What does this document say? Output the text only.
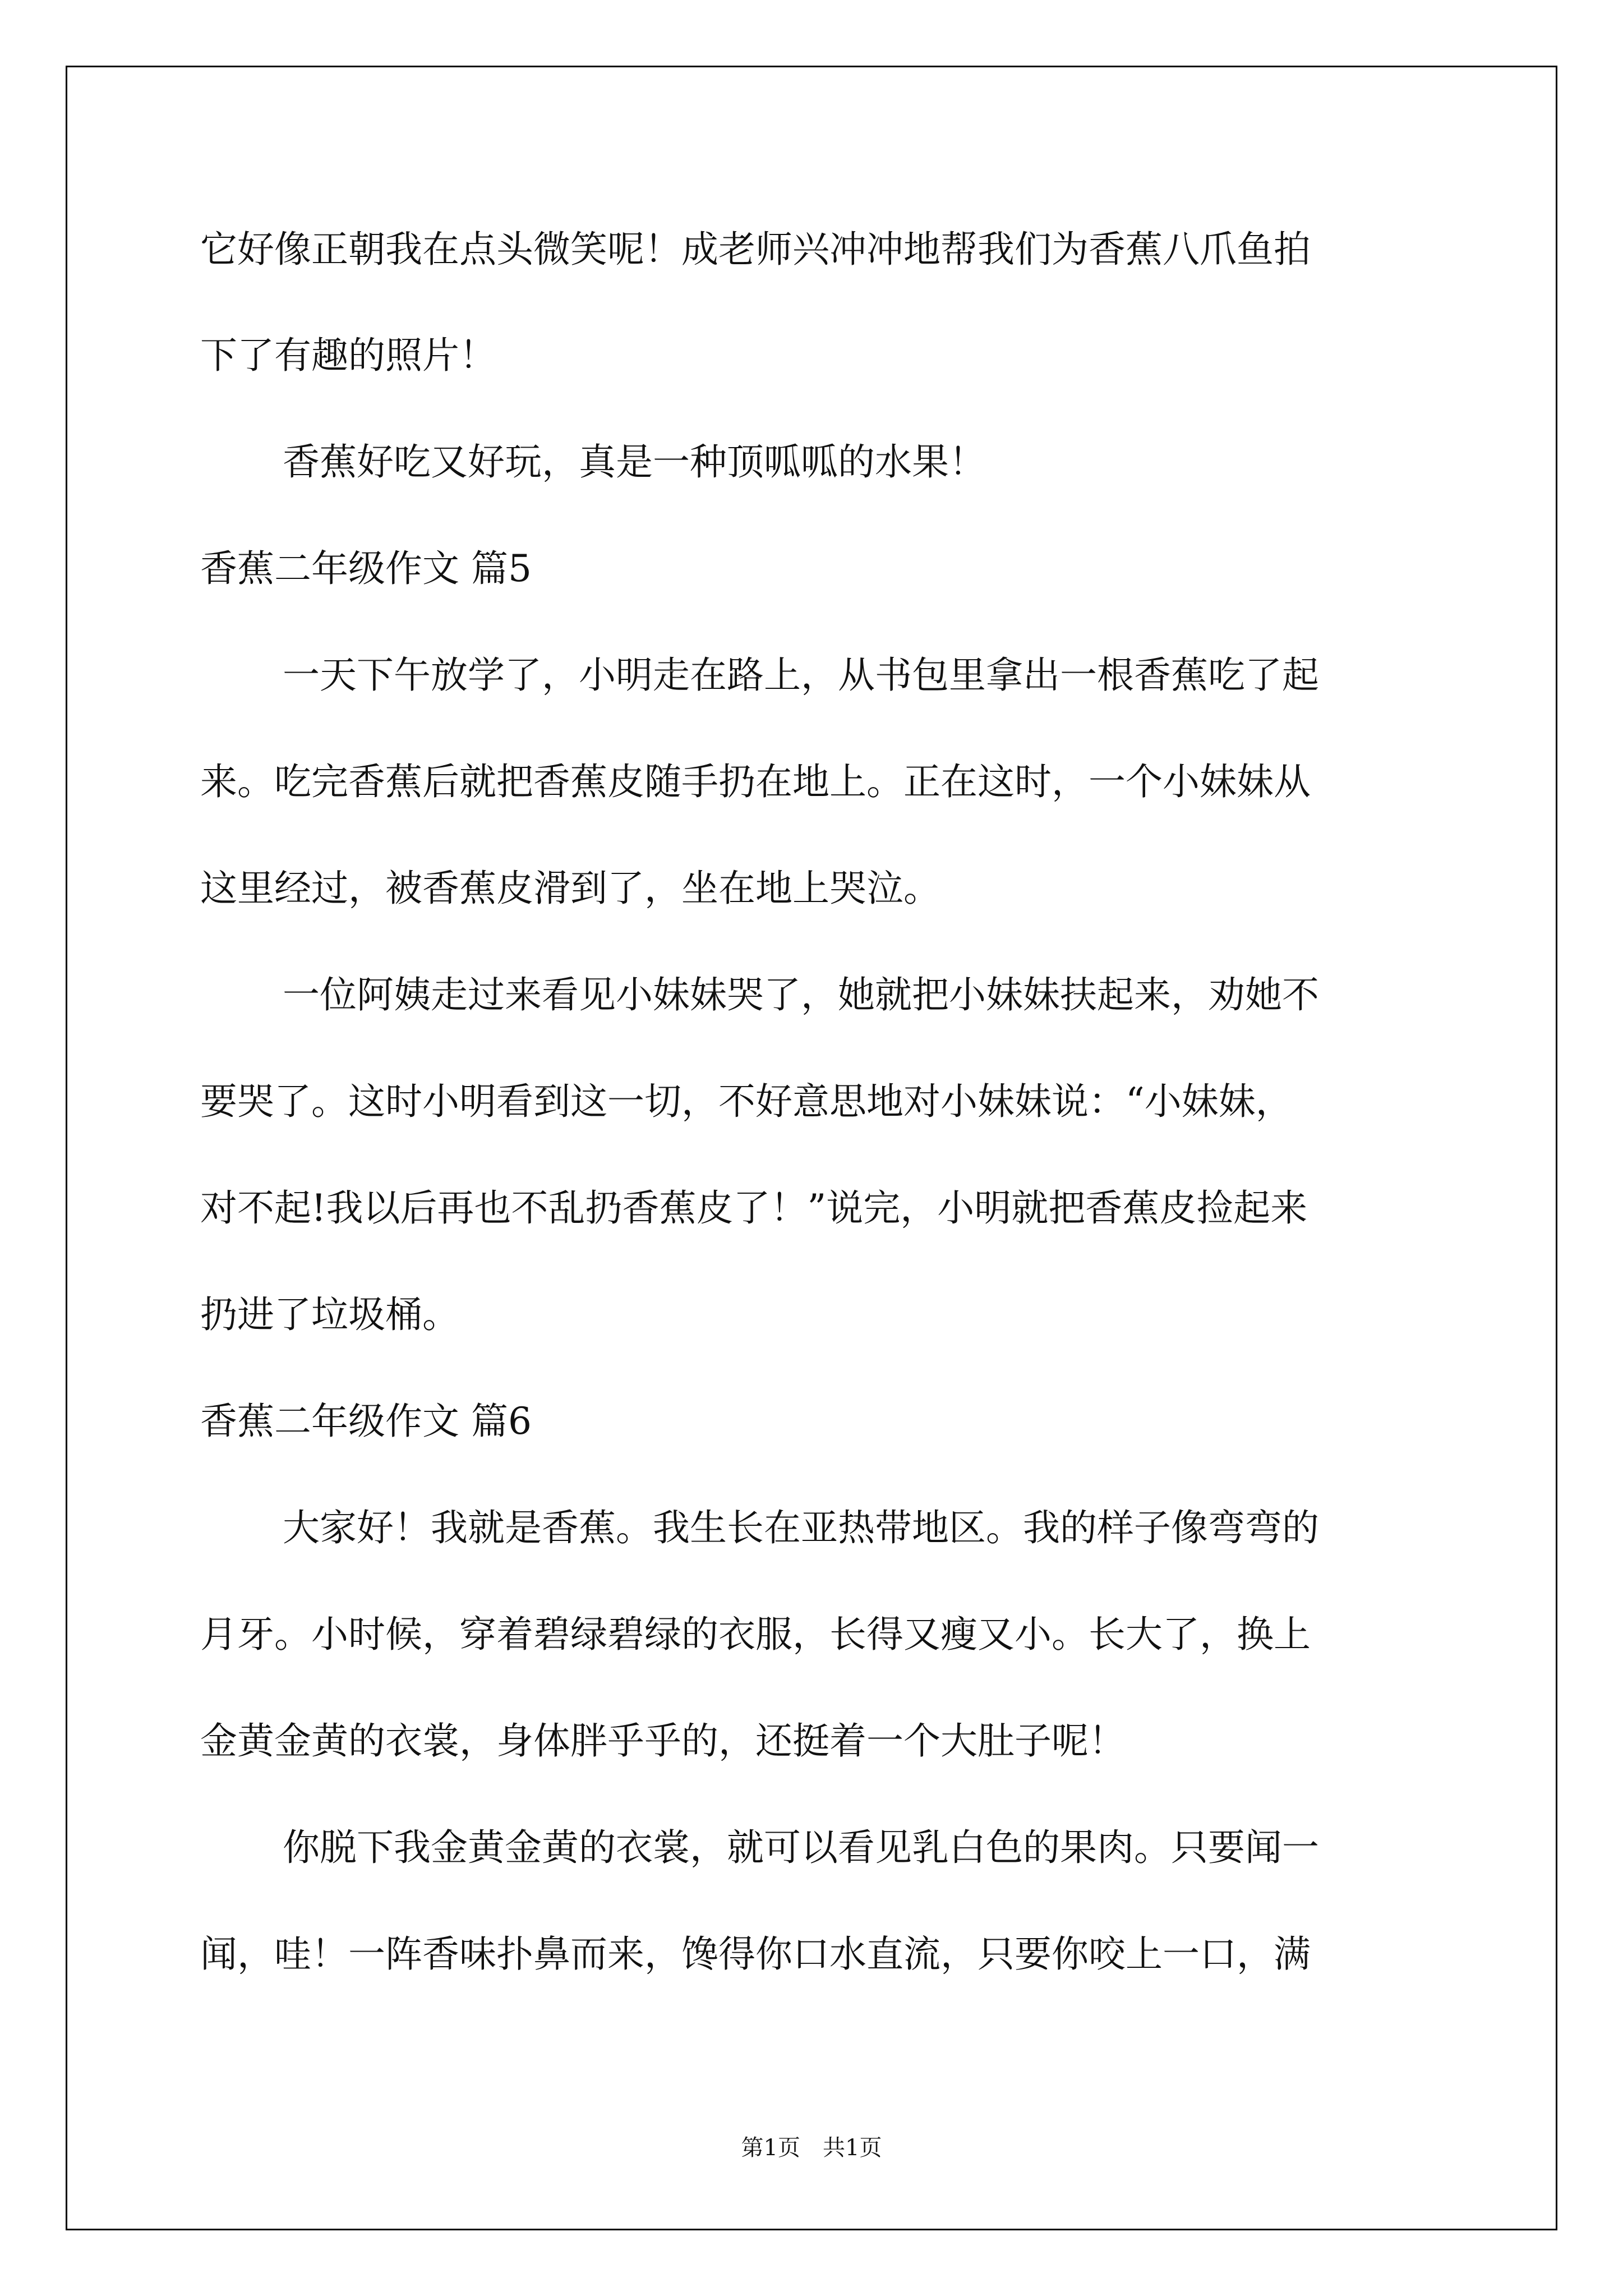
它好像正朝我在点头微笑呢！成老师兴冲冲地帮我们为香蕉八爪鱼拍
下了有趣的照片！
香蕉好吃又好玩，真是一种顶呱呱的水果！
香蕉二年级作文 篇5
一天下午放学了，小明走在路上，从书包里拿出一根香蕉吃了起
来。吃完香蕉后就把香蕉皮随手扔在地上。正在这时，一个小妹妹从
这里经过，被香蕉皮滑到了，坐在地上哭泣。
一位阿姨走过来看见小妹妹哭了，她就把小妹妹扶起来，劝她不
要哭了。这时小明看到这一切，不好意思地对小妹妹说：“小妹妹，
对不起!我以后再也不乱扔香蕉皮了！”说完，小明就把香蕉皮捡起来
扔进了垃圾桶。
香蕉二年级作文 篇6
大家好！我就是香蕉。我生长在亚热带地区。我的样子像弯弯的
月牙。小时候，穿着碧绿碧绿的衣服，长得又瘦又小。长大了，换上
金黄金黄的衣裳，身体胖乎乎的，还挺着一个大肚子呢！
你脱下我金黄金黄的衣裳，就可以看见乳白色的果肉。只要闻一
闻，哇！一阵香味扑鼻而来，馋得你口水直流，只要你咬上一口，满
第1页　共1页
